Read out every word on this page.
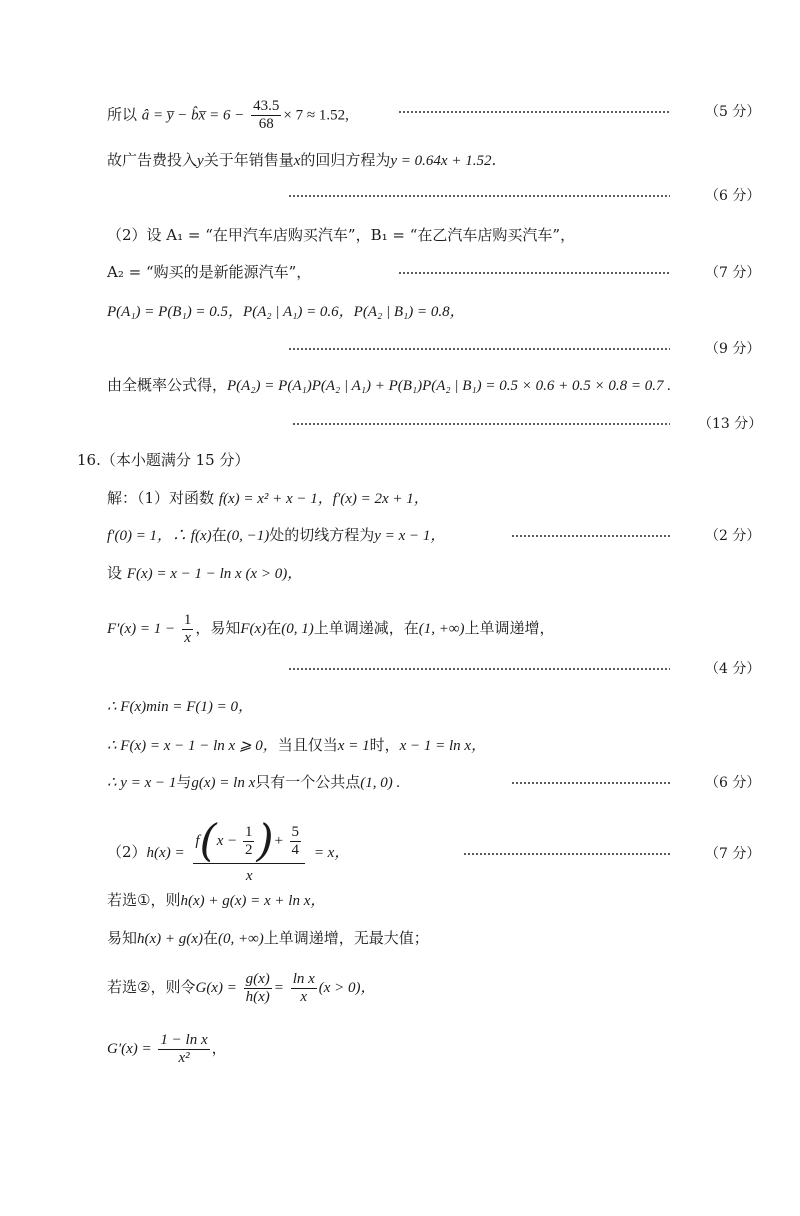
所以 â = y̅ − b̂x̅ = $6 - \frac{43.5}{68} \times 7 \approx 1.52$,	（5 分）
故广告费投入y关于年销售量x的回归方程为y = 0.64x + 1.52.
（6 分）
（2）设 A₁ = “在甲汽车店购买汽车”，B₁ = “在乙汽车店购买汽车”，
A₂ = “购买的是新能源汽车”，	（7 分）
P(A₁) = P(B₁) = 0.5，P(A₂ | A₁) = 0.6，P(A₂ | B₁) = 0.8，
（9 分）
由全概率公式得，P(A₂) = P(A₁)P(A₂ | A₁) + P(B₁)P(A₂ | B₁) = 0.5 × 0.6 + 0.5 × 0.8 = 0.7 .
（13 分）
16.（本小题满分 15 分）
解：（1）对函数 f(x) = x² + x − 1，f′(x) = 2x + 1，
f′(0) = 1，∴ f(x)在(0, −1)处的切线方程为y = x − 1，	（2 分）
设 F(x) = x − 1 − ln x (x > 0)，
$F'(x) = 1 - \frac{1}{x}$ ，易知F(x)在(0, 1)上单调递减，在(1, +∞)上单调递增，
（4 分）
∴ F(x)min = F(1) = 0，
∴ F(x) = x − 1 − ln x ⩾ 0，当且仅当x = 1时，x − 1 = ln x，
∴ y = x − 1与g(x) = ln x只有一个公共点(1, 0) .	（6 分）
$(2)h(x) = \frac{f(x - \frac{1}{2} )+ \frac{5}{4}}{x} = x$，	（7 分）
若选①，则h(x) + g(x) = x + ln x，
易知h(x) + g(x)在(0, +∞)上单调递增，无最大值；
若选②，则令$G(x) = \frac{g(x)}{h(x)} = \frac{\text{ln x}}{x} (x > 0)$，
$G'(x) = \frac{\text{1 − ln x}}{\text{x²}}$ ，
